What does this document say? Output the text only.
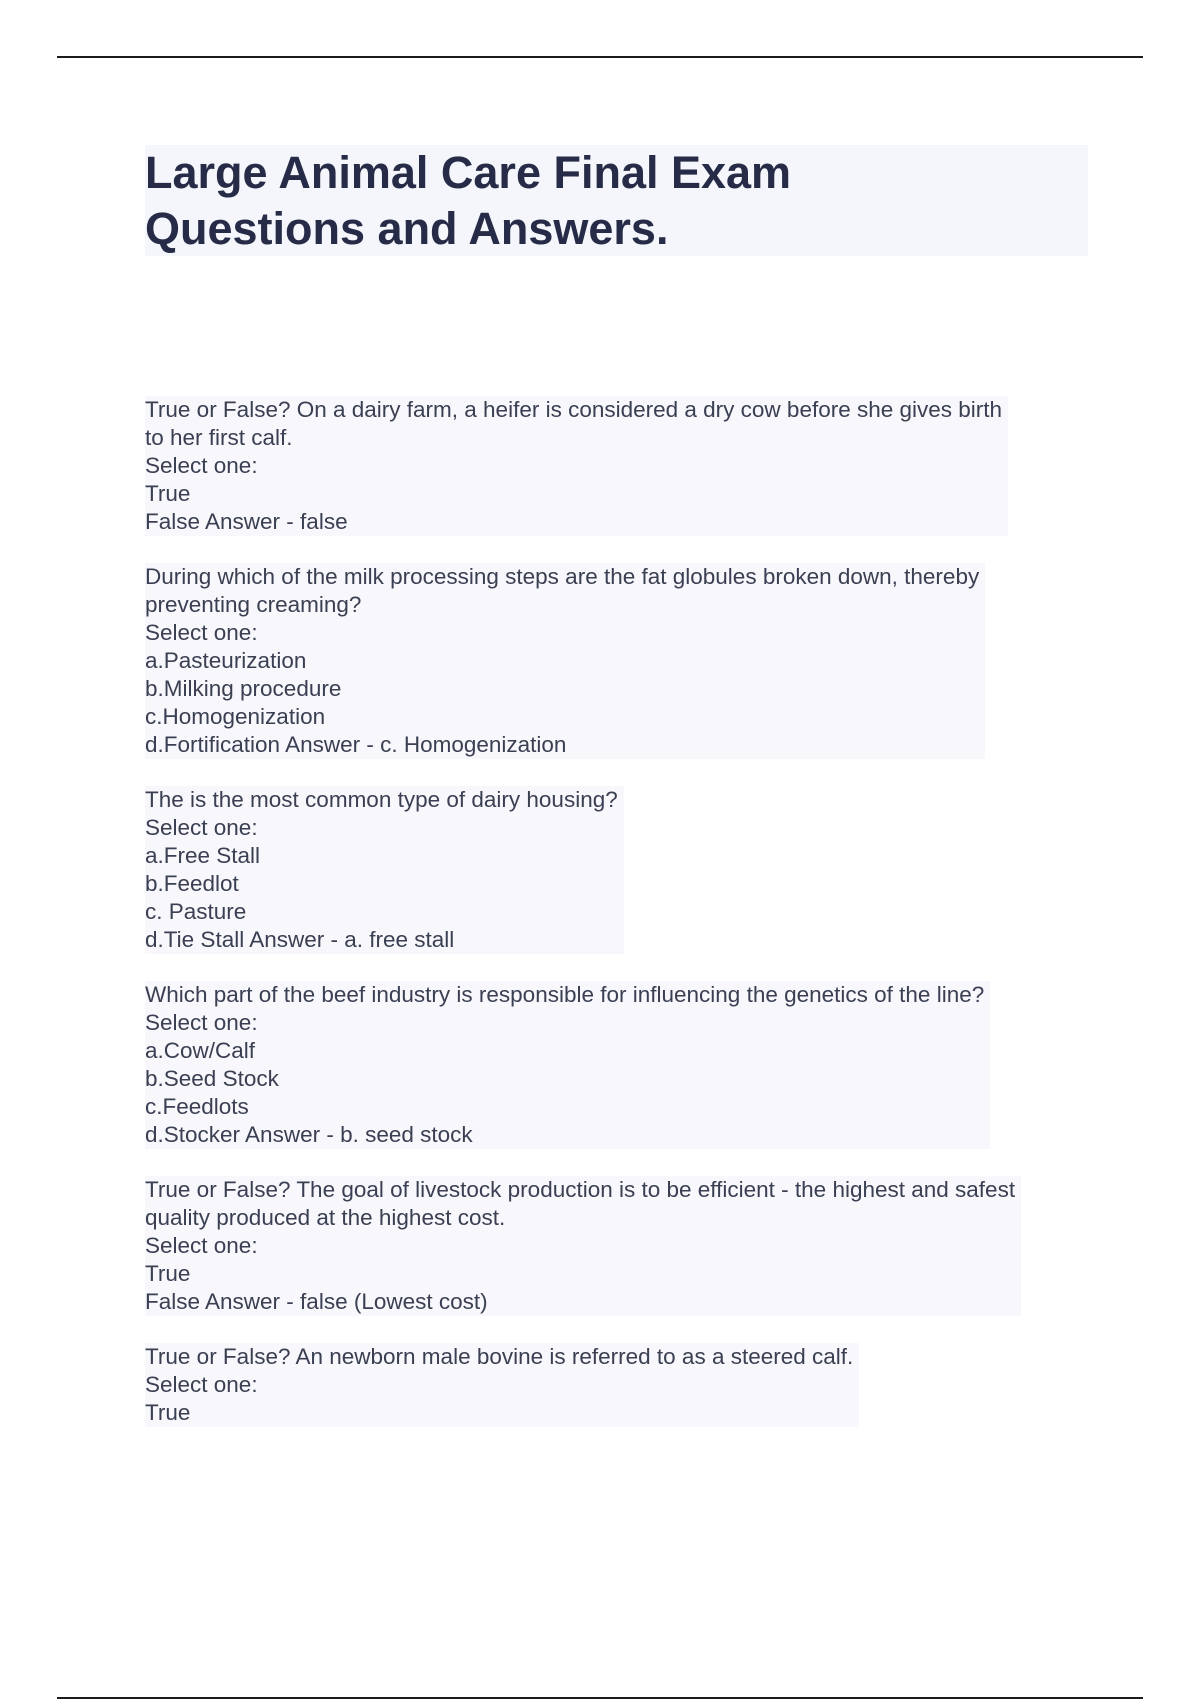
Large Animal Care Final Exam
Questions and Answers.
True or False? On a dairy farm, a heifer is considered a dry cow before she gives birth
to her first calf.
Select one:
True
False Answer - false

During which of the milk processing steps are the fat globules broken down, thereby
preventing creaming?
Select one:
a.Pasteurization
b.Milking procedure
c.Homogenization
d.Fortification Answer - c. Homogenization

The is the most common type of dairy housing?
Select one:
a.Free Stall
b.Feedlot
c. Pasture
d.Tie Stall Answer - a. free stall

Which part of the beef industry is responsible for influencing the genetics of the line?
Select one:
a.Cow/Calf
b.Seed Stock
c.Feedlots
d.Stocker Answer - b. seed stock

True or False? The goal of livestock production is to be efficient - the highest and safest
quality produced at the highest cost.
Select one:
True
False Answer - false (Lowest cost)

True or False? An newborn male bovine is referred to as a steered calf.
Select one:
True
